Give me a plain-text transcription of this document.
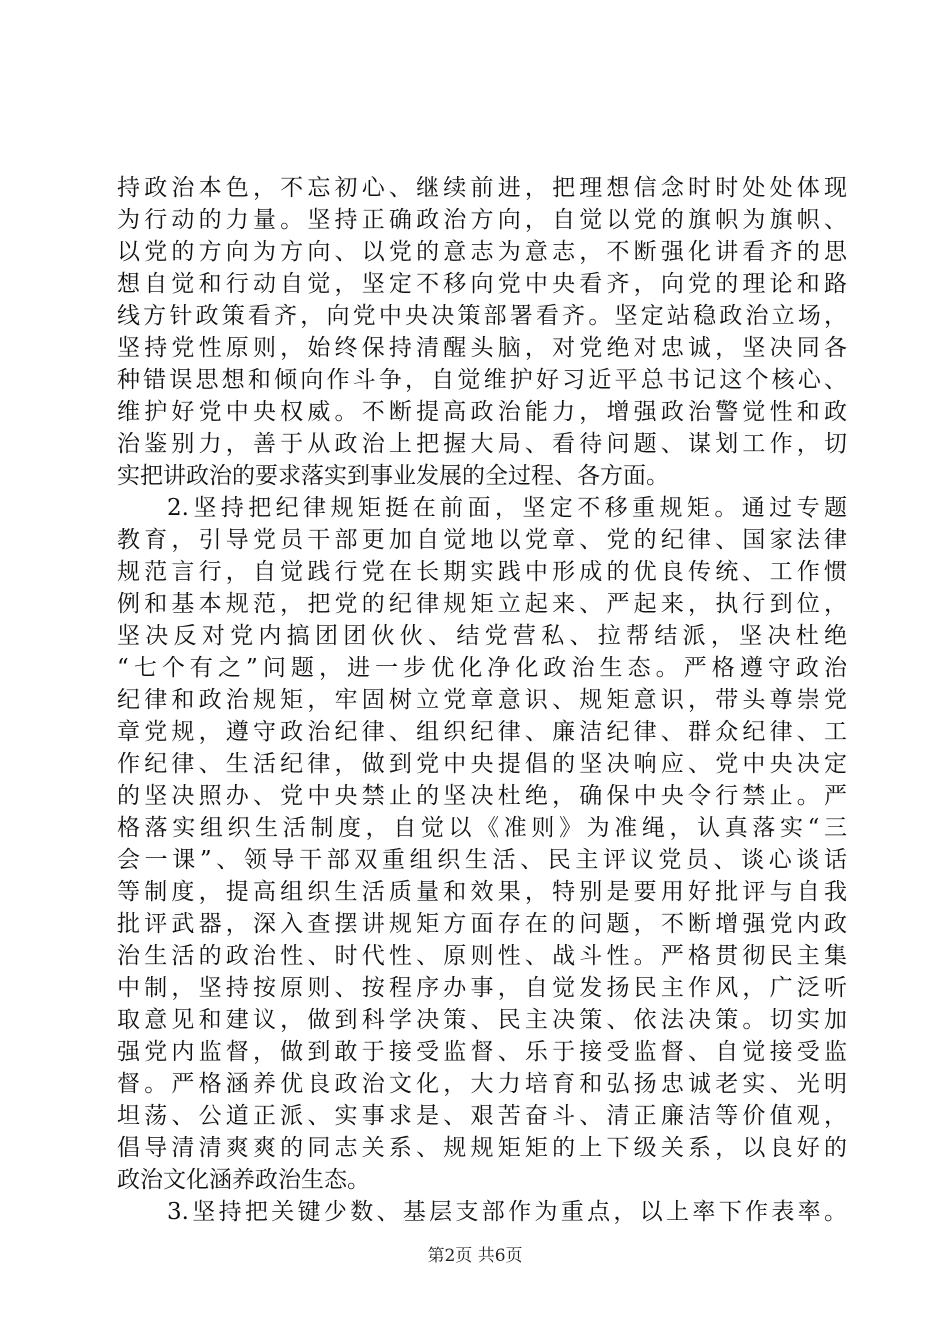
持政治本色，不忘初心、继续前进，把理想信念时时处处体现
为行动的力量。坚持正确政治方向，自觉以党的旗帜为旗帜、
以党的方向为方向、以党的意志为意志，不断强化讲看齐的思
想自觉和行动自觉，坚定不移向党中央看齐，向党的理论和路
线方针政策看齐，向党中央决策部署看齐。坚定站稳政治立场，
坚持党性原则，始终保持清醒头脑，对党绝对忠诚，坚决同各
种错误思想和倾向作斗争，自觉维护好习近平总书记这个核心、
维护好党中央权威。不断提高政治能力，增强政治警觉性和政
治鉴别力，善于从政治上把握大局、看待问题、谋划工作，切
实把讲政治的要求落实到事业发展的全过程、各方面。
2.坚持把纪律规矩挺在前面，坚定不移重规矩。通过专题
教育，引导党员干部更加自觉地以党章、党的纪律、国家法律
规范言行，自觉践行党在长期实践中形成的优良传统、工作惯
例和基本规范，把党的纪律规矩立起来、严起来，执行到位，
坚决反对党内搞团团伙伙、结党营私、拉帮结派，坚决杜绝
“七个有之”问题，进一步优化净化政治生态。严格遵守政治
纪律和政治规矩，牢固树立党章意识、规矩意识，带头尊崇党
章党规，遵守政治纪律、组织纪律、廉洁纪律、群众纪律、工
作纪律、生活纪律，做到党中央提倡的坚决响应、党中央决定
的坚决照办、党中央禁止的坚决杜绝，确保中央令行禁止。严
格落实组织生活制度，自觉以《准则》为准绳，认真落实“三
会一课”、领导干部双重组织生活、民主评议党员、谈心谈话
等制度，提高组织生活质量和效果，特别是要用好批评与自我
批评武器，深入查摆讲规矩方面存在的问题，不断增强党内政
治生活的政治性、时代性、原则性、战斗性。严格贯彻民主集
中制，坚持按原则、按程序办事，自觉发扬民主作风，广泛听
取意见和建议，做到科学决策、民主决策、依法决策。切实加
强党内监督，做到敢于接受监督、乐于接受监督、自觉接受监
督。严格涵养优良政治文化，大力培育和弘扬忠诚老实、光明
坦荡、公道正派、实事求是、艰苦奋斗、清正廉洁等价值观，
倡导清清爽爽的同志关系、规规矩矩的上下级关系，以良好的
政治文化涵养政治生态。
3.坚持把关键少数、基层支部作为重点，以上率下作表率。
第2页 共6页
